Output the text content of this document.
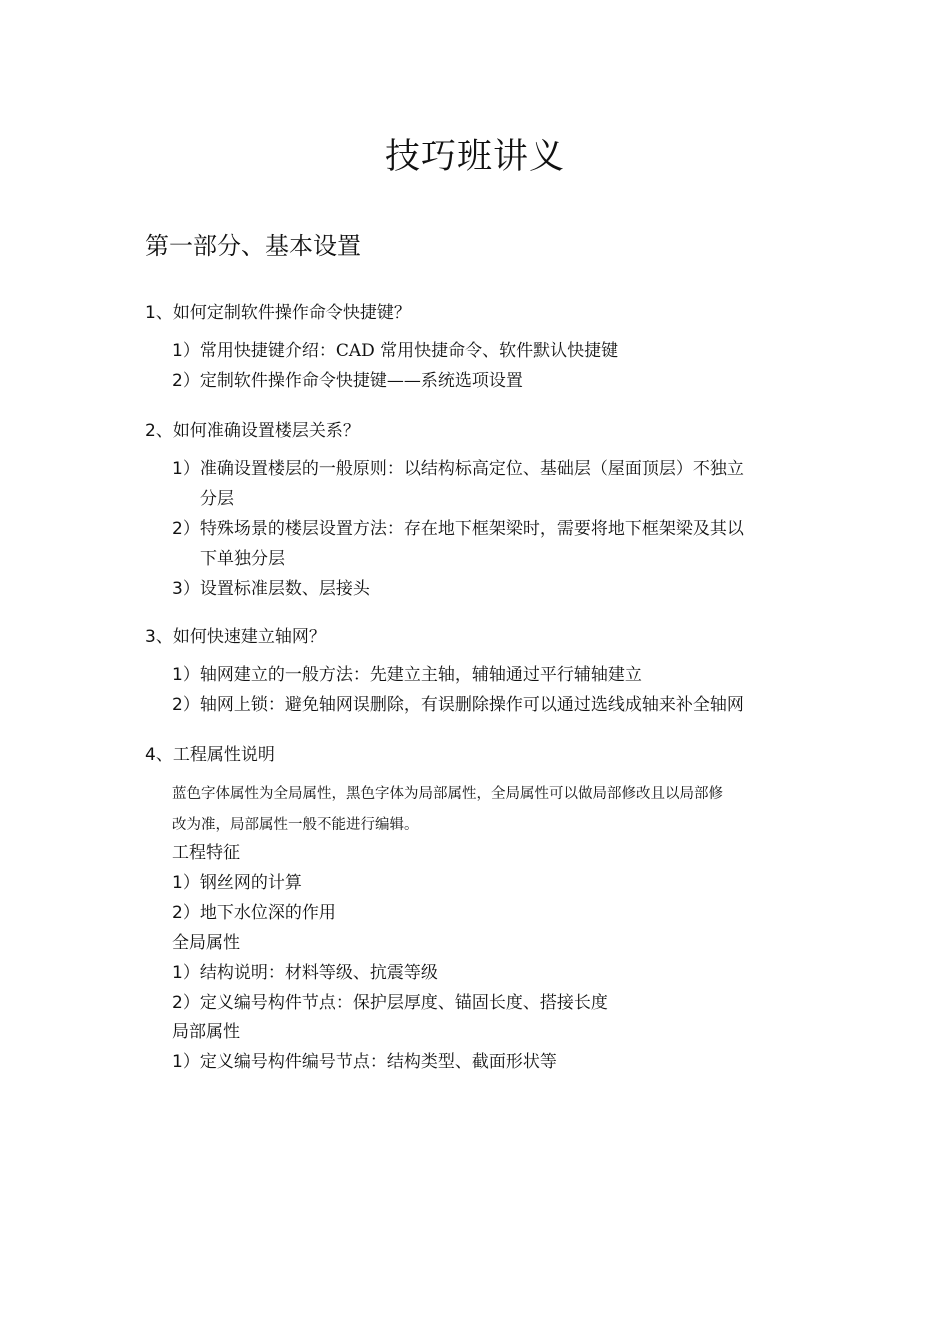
技巧班讲义
第一部分、基本设置
1、如何定制软件操作命令快捷键？
1）常用快捷键介绍：CAD 常用快捷命令、软件默认快捷键
2）定制软件操作命令快捷键——系统选项设置
2、如何准确设置楼层关系？
1）准确设置楼层的一般原则：以结构标高定位、基础层（屋面顶层）不独立
分层
2）特殊场景的楼层设置方法：存在地下框架梁时，需要将地下框架梁及其以
下单独分层
3）设置标准层数、层接头
3、如何快速建立轴网？
1）轴网建立的一般方法：先建立主轴，辅轴通过平行辅轴建立
2）轴网上锁：避免轴网误删除，有误删除操作可以通过选线成轴来补全轴网
4、工程属性说明
蓝色字体属性为全局属性，黑色字体为局部属性，全局属性可以做局部修改且以局部修
改为准，局部属性一般不能进行编辑。
工程特征
1）钢丝网的计算
2）地下水位深的作用
全局属性
1）结构说明：材料等级、抗震等级
2）定义编号构件节点：保护层厚度、锚固长度、搭接长度
局部属性
1）定义编号构件编号节点：结构类型、截面形状等
